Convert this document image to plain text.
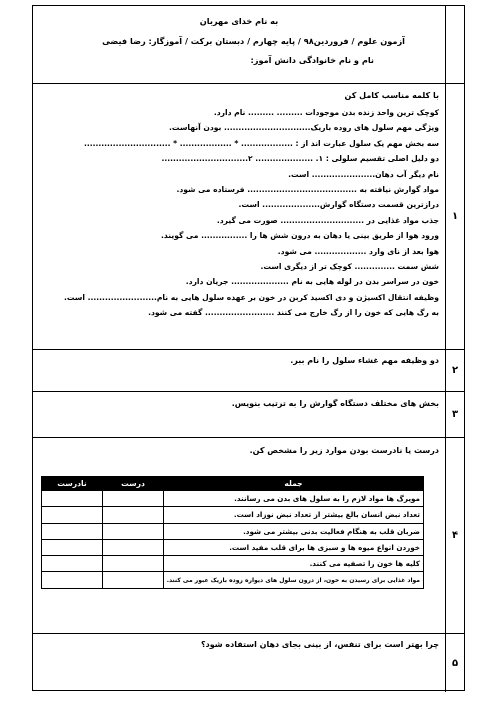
به نام خدای مهربان
آزمون علوم / فروردین۹۸ / پایه چهارم / دبستان برکت / آموزگار: رضا فیضی
نام و نام خانوادگی دانش آموز:
۱
با کلمه مناسب کامل کن
کوچک ترین واحد زنده بدن موجودات ......... ......... نام دارد.
ویژگی مهم سلول های روده باریک.............................. بودن آنهاست.
سه بخش مهم یک سلول عبارت اند از : .................. * .................. * ..............................
دو دلیل اصلی تقسیم سلولی : ۱. .................... ۲..............................
نام دیگر آب دهان...................... است.
مواد گوارش نیافته به ...................................... فرستاده می شود.
درازترین قسمت دستگاه گوارش.................... است.
جذب مواد غذایی در ............................. صورت می گیرد.
ورود هوا از طریق بینی یا دهان به درون شش ها را ................ می گویند.
هوا بعد از نای وارد .................. می شود.
شش سمت .............. کوچک تر از دیگری است.
خون در سراسر بدن در لوله هایی به نام .................... جریان دارد.
وظیفه انتقال اکسیژن و دی اکسید کربن در خون بر عهده سلول هایی به نام........................ است.
به رگ هایی که خون را از رگ خارج می کنند ........................ گفته می شود.
۲
دو وظیفه مهم غشاء سلول را نام ببر.
۳
بخش های مختلف دستگاه گوارش را به ترتیب بنویس.
۴
درست یا نادرست بودن موارد زیر را مشخص کن.
جمله	درست	نادرست
مویرگ ها مواد لازم را به سلول های بدن می رسانند.		
تعداد نبض انسان بالغ بیشتر از تعداد نبض نوزاد است.		
ضربان قلب به هنگام فعالیت بدنی بیشتر می شود.		
خوردن انواع میوه ها و سبزی ها برای قلب مفید است.		
کلیه ها خون را تصفیه می کنند.		
مواد غذایی برای رسیدن به خون، از درون سلول های دیواره روده باریک عبور می کنند.		
۵
چرا بهتر است برای تنفس، از بینی بجای دهان استفاده شود؟
